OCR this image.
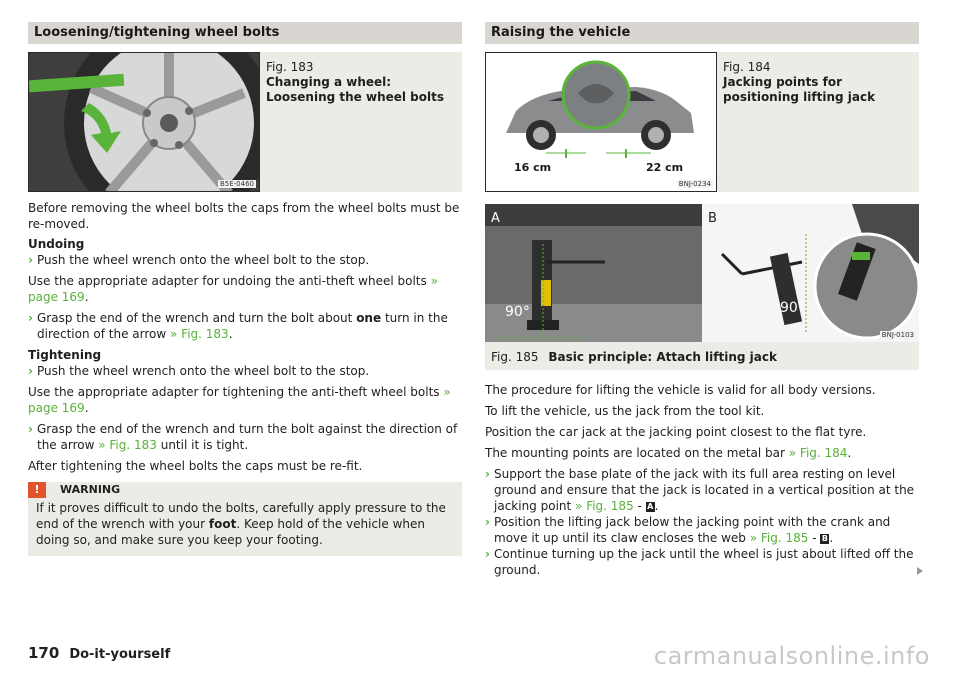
Loosening/tightening wheel bolts
B5E-0460
Fig. 183
Changing a wheel: Loosening the wheel bolts

Before removing the wheel bolts the caps from the wheel bolts must be re-moved.

Undoing

› Push the wheel wrench onto the wheel bolt to the stop.

Use the appropriate adapter for undoing the anti-theft wheel bolts » page 169.

› Grasp the end of the wrench and turn the bolt about one turn in the direction of the arrow » Fig. 183.

Tightening

› Push the wheel wrench onto the wheel bolt to the stop.

Use the appropriate adapter for tightening the anti-theft wheel bolts » page 169.

› Grasp the end of the wrench and turn the bolt against the direction of the arrow » Fig. 183 until it is tight.

After tightening the wheel bolts the caps must be re-fit.

! WARNING
If it proves difficult to undo the bolts, carefully apply pressure to the end of the wrench with your foot. Keep hold of the vehicle when doing so, and make sure you keep your footing.
Raising the vehicle
16 cm	22 cm
BNJ-0234
Fig. 184
Jacking points for positioning lifting jack
A
90°
B
90°
BNJ-0103
Fig. 185 Basic principle: Attach lifting jack

The procedure for lifting the vehicle is valid for all body versions.

To lift the vehicle, us the jack from the tool kit.

Position the car jack at the jacking point closest to the flat tyre.

The mounting points are located on the metal bar » Fig. 184.

› Support the base plate of the jack with its full area resting on level ground and ensure that the jack is located in a vertical position at the jacking point » Fig. 185 - A.

› Position the lifting jack below the jacking point with the crank and move it up until its claw encloses the web » Fig. 185 - B.

› Continue turning up the jack until the wheel is just about lifted off the ground.

170 Do-it-yourself	carmanualsonline.info
